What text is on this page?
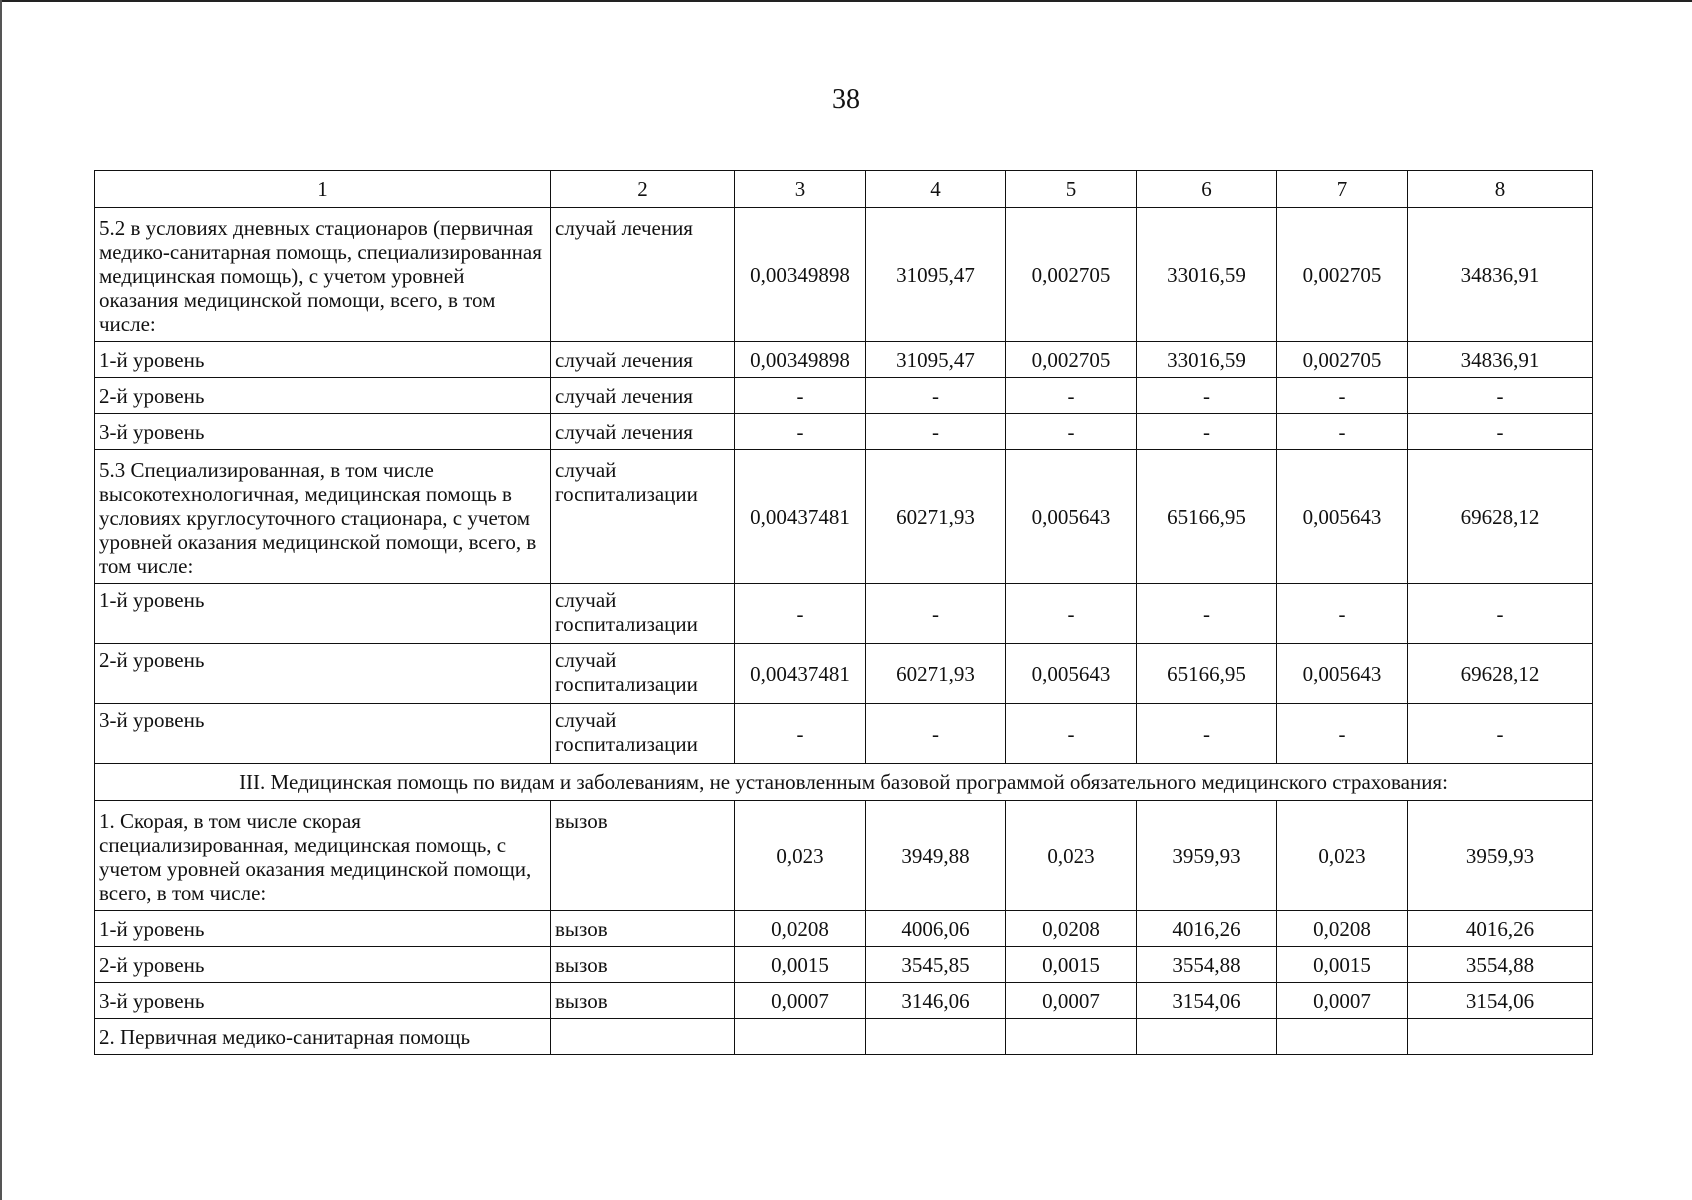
38
1	2	3	4	5	6	7	8
5.2 в условиях дневных стационаров (первичная медико-санитарная помощь, специализированная медицинская помощь), с учетом уровней оказания медицинской помощи, всего, в том числе:	случай лечения	0,00349898	31095,47	0,002705	33016,59	0,002705	34836,91
1-й уровень	случай лечения	0,00349898	31095,47	0,002705	33016,59	0,002705	34836,91
2-й уровень	случай лечения	-	-	-	-	-	-
3-й уровень	случай лечения	-	-	-	-	-	-
5.3 Специализированная, в том числе высокотехнологичная, медицинская помощь в условиях круглосуточного стационара, с учетом уровней оказания медицинской помощи, всего, в том числе:	случай госпитализации	0,00437481	60271,93	0,005643	65166,95	0,005643	69628,12
1-й уровень	случай госпитализации	-	-	-	-	-	-
2-й уровень	случай госпитализации	0,00437481	60271,93	0,005643	65166,95	0,005643	69628,12
3-й уровень	случай госпитализации	-	-	-	-	-	-
III. Медицинская помощь по видам и заболеваниям, не установленным базовой программой обязательного медицинского страхования:							
1. Скорая, в том числе скорая специализированная, медицинская помощь, с учетом уровней оказания медицинской помощи, всего, в том числе:	вызов	0,023	3949,88	0,023	3959,93	0,023	3959,93
1-й уровень	вызов	0,0208	4006,06	0,0208	4016,26	0,0208	4016,26
2-й уровень	вызов	0,0015	3545,85	0,0015	3554,88	0,0015	3554,88
3-й уровень	вызов	0,0007	3146,06	0,0007	3154,06	0,0007	3154,06
2. Первичная медико-санитарная помощь							
